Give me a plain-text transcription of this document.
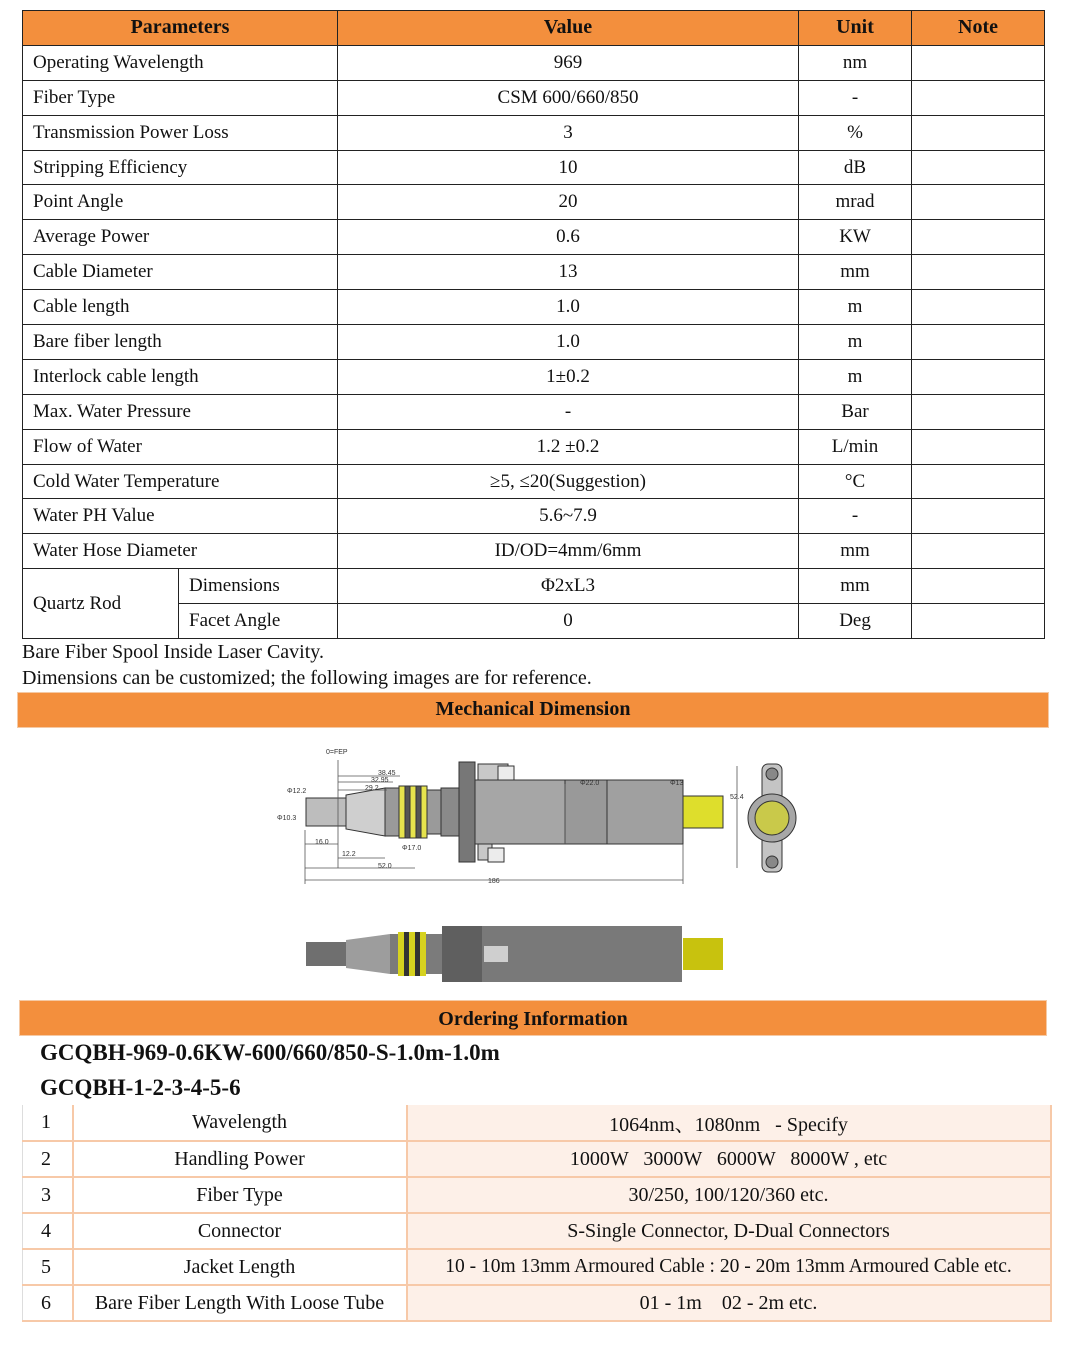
Parameters		Value	Unit	Note
Operating Wavelength		969	nm	
Fiber Type		CSM 600/660/850	-	
Transmission Power Loss		3	%	
Stripping Efficiency		10	dB	
Point Angle		20	mrad	
Average Power		0.6	KW	
Cable Diameter		13	mm	
Cable length		1.0	m	
Bare fiber length		1.0	m	
Interlock cable length		1±0.2	m	
Max. Water Pressure		-	Bar	
Flow of Water		1.2 ±0.2	L/min	
Cold Water Temperature		≥5, ≤20(Suggestion)	°C	
Water PH Value		5.6~7.9	-	
Water Hose Diameter		ID/OD=4mm/6mm	mm	
Quartz Rod	Dimensions	Φ2xL3	mm	
	Facet Angle	0	Deg	
Bare Fiber Spool Inside Laser Cavity.
Dimensions can be customized; the following images are for reference.
Mechanical Dimension
0=FEP
38.45
32.95
29.2
Φ12.2
Φ10.3
16.0
12.2
Φ17.0
52.0
Φ22.0	Φ13
186
52.4
Ordering Information
GCQBH-969-0.6KW-600/660/850-S-1.0m-1.0m
GCQBH-1-2-3-4-5-6
1	Wavelength	1064nm、1080nm   - Specify
2	Handling Power	1000W   3000W   6000W   8000W , etc
3	Fiber Type	30/250, 100/120/360 etc.
4	Connector	S-Single Connector, D-Dual Connectors
5	Jacket Length	10 - 10m 13mm Armoured Cable : 20 - 20m 13mm Armoured Cable etc.
6	Bare Fiber Length With Loose Tube	01 - 1m    02 - 2m etc.
